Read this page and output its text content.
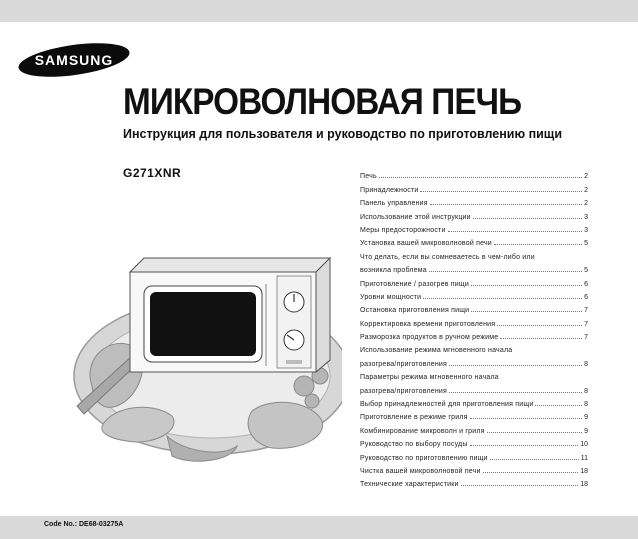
SAMSUNG
МИКРОВОЛНОВАЯ ПЕЧЬ
Инструкция для пользователя и руководство по приготовлению пищи
G271XNR	Печь	2
Принадлежности	2
Панель управления	2
Использование этой инструкции	3
Меры предосторожности	3
Установка вашей микроволновой печи	5
Что делать, если вы сомневаетесь в чем-либо или
возникла проблема	5
Приготовление / разогрев пищи	6
Уровни мощности	6
Остановка приготовления пищи	7
Корректировка времени приготовления	7
Разморозка продуктов в ручном режиме	7
Использование режима мгновенного начала
разогрева/приготовления	8
Параметры режима мгновенного начала
разогрева/приготовления	8
Выбор принадлежностей для приготовления пищи	8
Приготовление в режиме гриля	9
Комбинирование микроволн и гриля	9
Руководство по выбору посуды	10
Руководство по приготовлению пищи	11
Чистка вашей микроволновой печи	18
Технические характеристики	18
Code No.: DE68-03275A
